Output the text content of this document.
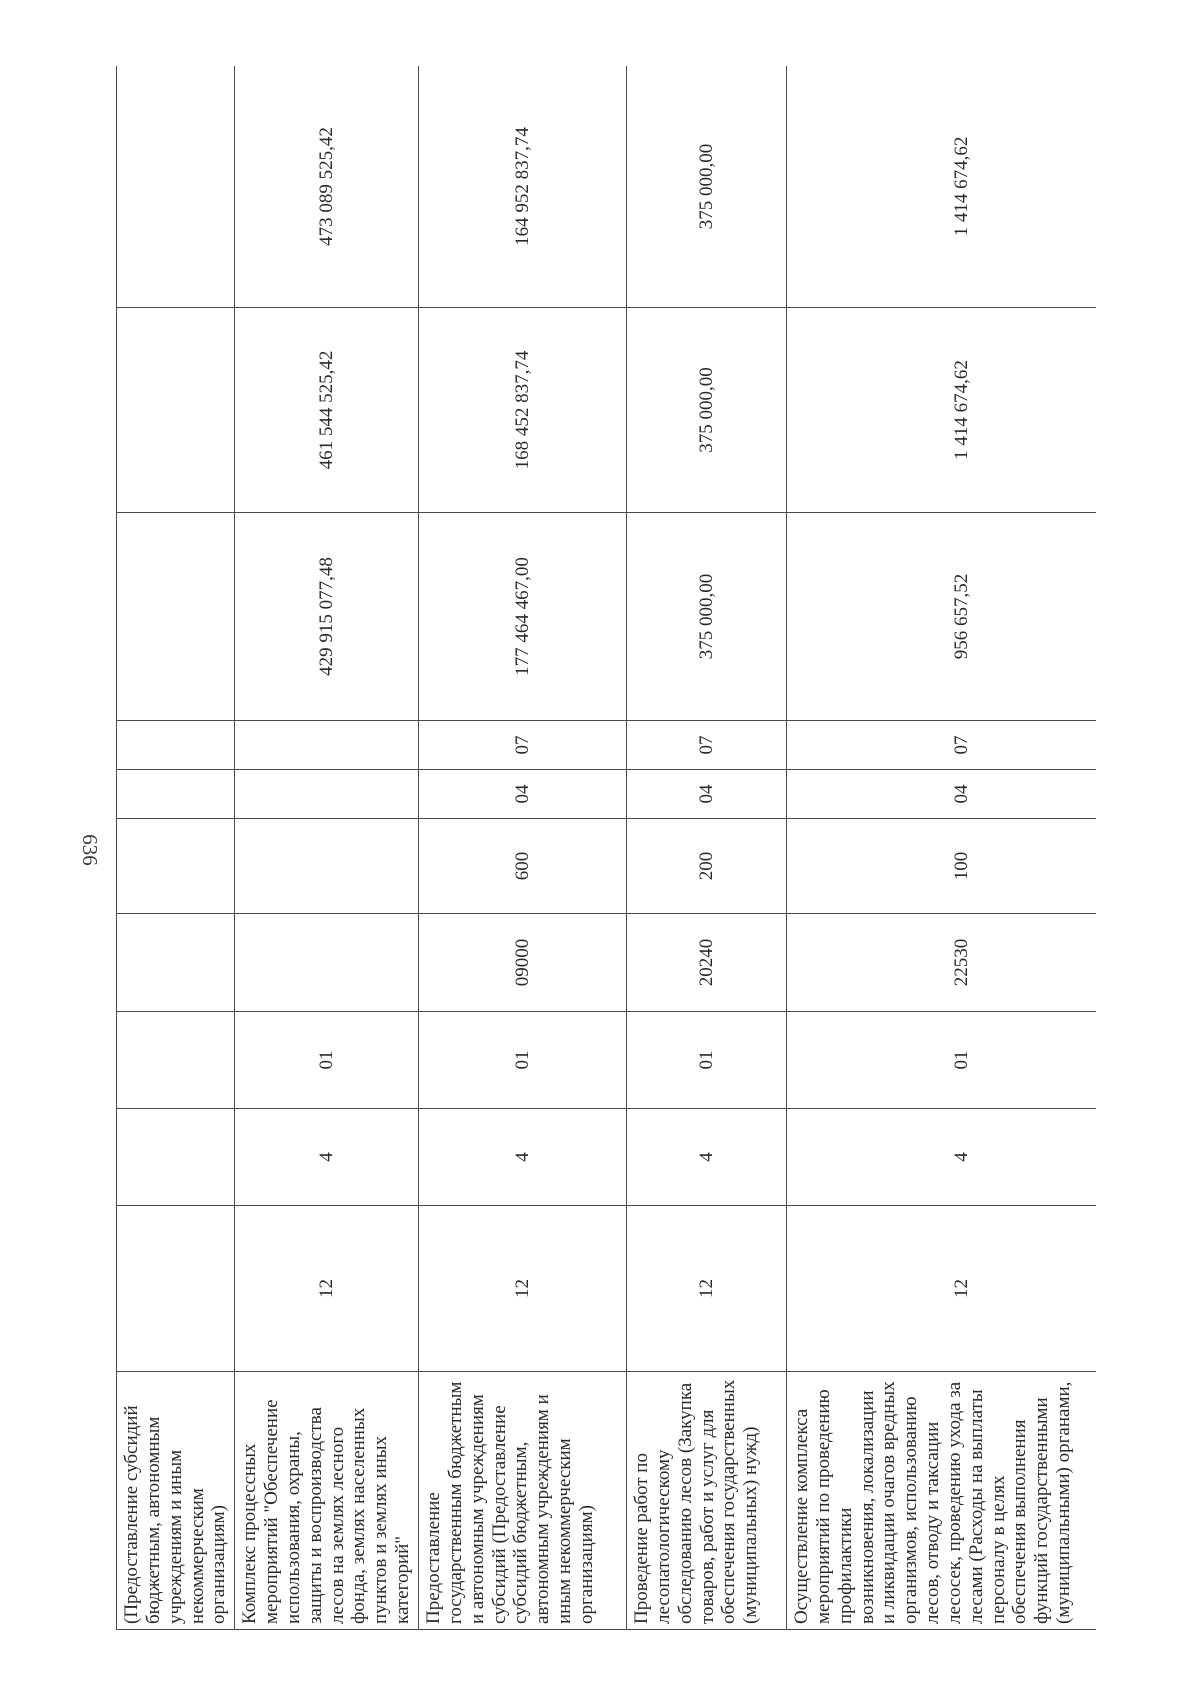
636
(Предоставление субсидий бюджетным, автономным учреждениям и иным некоммерческим организациям)										
Комплекс процессных мероприятий "Обеспечение использования, охраны, защиты и воспроизводства лесов на землях лесного фонда, землях населенных пунктов и землях иных категорий"	12	4	01					429 915 077,48	461 544 525,42	473 089 525,42
Предоставление государственным бюджетным и автономным учреждениям субсидий (Предоставление субсидий бюджетным, автономным учреждениям и иным некоммерческим организациям)	12	4	01	09000	600	04	07	177 464 467,00	168 452 837,74	164 952 837,74
Проведение работ по лесопатологическому обследованию лесов (Закупка товаров, работ и услуг для обеспечения государственных (муниципальных) нужд)	12	4	01	20240	200	04	07	375 000,00	375 000,00	375 000,00
Осуществление комплекса мероприятий по проведению профилактики возникновения, локализации и ликвидации очагов вредных организмов, использованию лесов, отводу и таксации лесосек, проведению ухода за лесами (Расходы на выплаты персоналу в целях обеспечения выполнения функций государственными (муниципальными) органами,	12	4	01	22530	100	04	07	956 657,52	1 414 674,62	1 414 674,62
